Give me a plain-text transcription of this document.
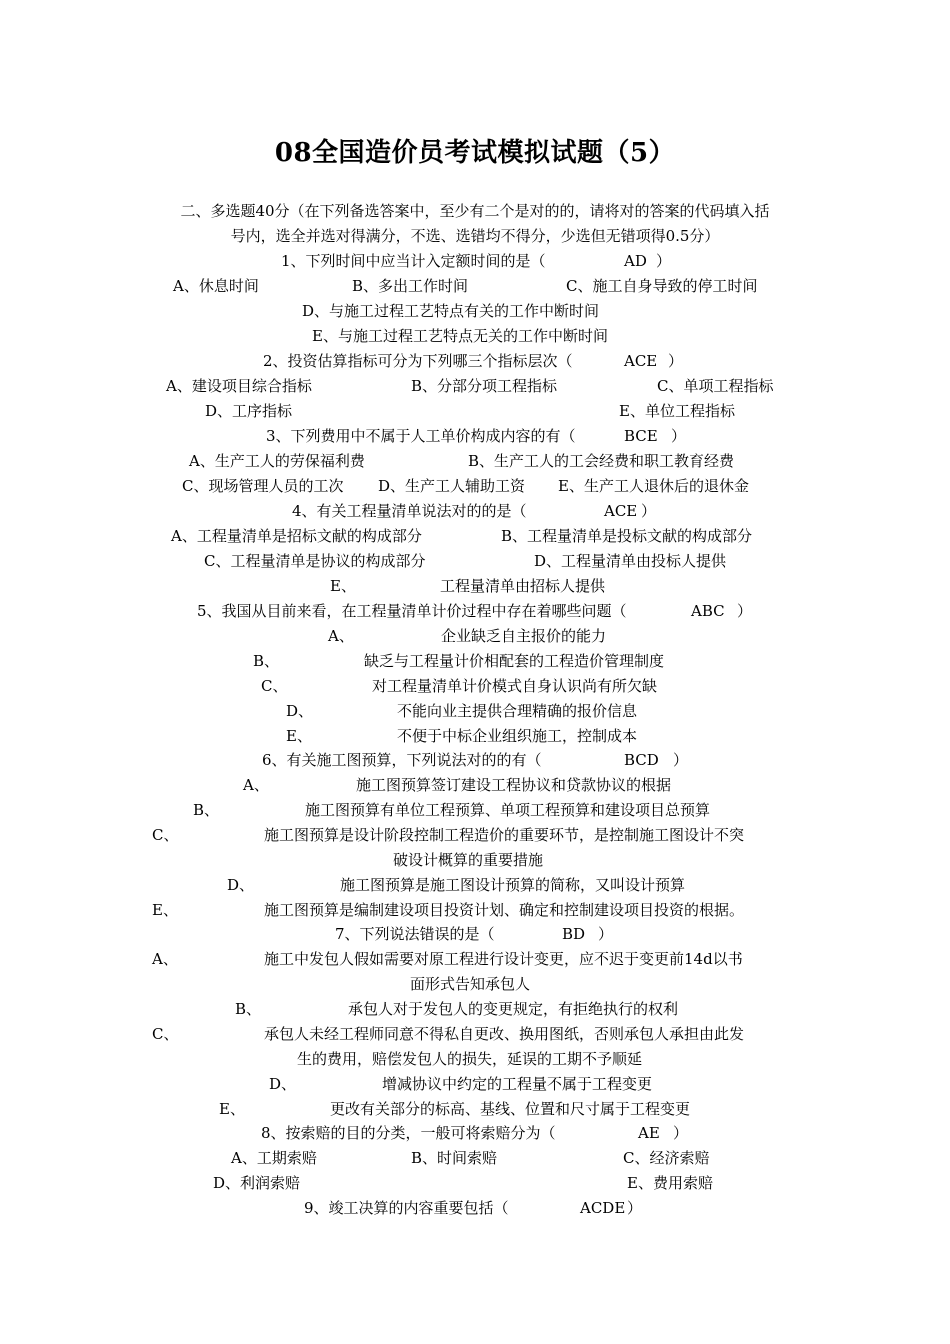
08全国造价员考试模拟试题（5）
二、多选题40分（在下列备选答案中，至少有二个是对的的，请将对的答案的代码填入括
号内，选全并选对得满分，不选、选错均不得分，少选但无错项得0.5分）
1、下列时间中应当计入定额时间的是（	AD ）
A、休息时间	B、多出工作时间	C、施工自身导致的停工时间
D、与施工过程工艺特点有关的工作中断时间
E、与施工过程工艺特点无关的工作中断时间
2、投资估算指标可分为下列哪三个指标层次（	ACE ）
A、建设项目综合指标	B、分部分项工程指标	C、单项工程指标
D、工序指标	E、单位工程指标
3、下列费用中不属于人工单价构成内容的有（	BCE ）
A、生产工人的劳保福利费	B、生产工人的工会经费和职工教育经费
C、现场管理人员的工次 D、生产工人辅助工资 E、生产工人退休后的退休金
4、有关工程量清单说法对的的是（	ACE ）
A、工程量清单是招标文献的构成部分	B、工程量清单是投标文献的构成部分
C、工程量清单是协议的构成部分	D、工程量清单由投标人提供
E、	工程量清单由招标人提供
5、我国从目前来看，在工程量清单计价过程中存在着哪些问题（	ABC ）
A、	企业缺乏自主报价的能力
B、	缺乏与工程量计价相配套的工程造价管理制度
C、	对工程量清单计价模式自身认识尚有所欠缺
D、	不能向业主提供合理精确的报价信息
E、	不便于中标企业组织施工，控制成本
6、有关施工图预算，下列说法对的的有（	BCD ）
A、	施工图预算签订建设工程协议和贷款协议的根据
B、	施工图预算有单位工程预算、单项工程预算和建设项目总预算
C、	施工图预算是设计阶段控制工程造价的重要环节，是控制施工图设计不突
破设计概算的重要措施
D、	施工图预算是施工图设计预算的简称，又叫设计预算
E、	施工图预算是编制建设项目投资计划、确定和控制建设项目投资的根据。
7、下列说法错误的是（	BD ）
A、	施工中发包人假如需要对原工程进行设计变更，应不迟于变更前14d以书
面形式告知承包人
B、	承包人对于发包人的变更规定，有拒绝执行的权利
C、	承包人未经工程师同意不得私自更改、换用图纸，否则承包人承担由此发
生的费用，赔偿发包人的损失，延误的工期不予顺延
D、	增减协议中约定的工程量不属于工程变更
E、	更改有关部分的标高、基线、位置和尺寸属于工程变更
8、按索赔的目的分类，一般可将索赔分为（	AE ）
A、工期索赔	B、时间索赔	C、经济索赔
D、利润索赔	E、费用索赔
9、竣工决算的内容重要包括（	ACDE ）
